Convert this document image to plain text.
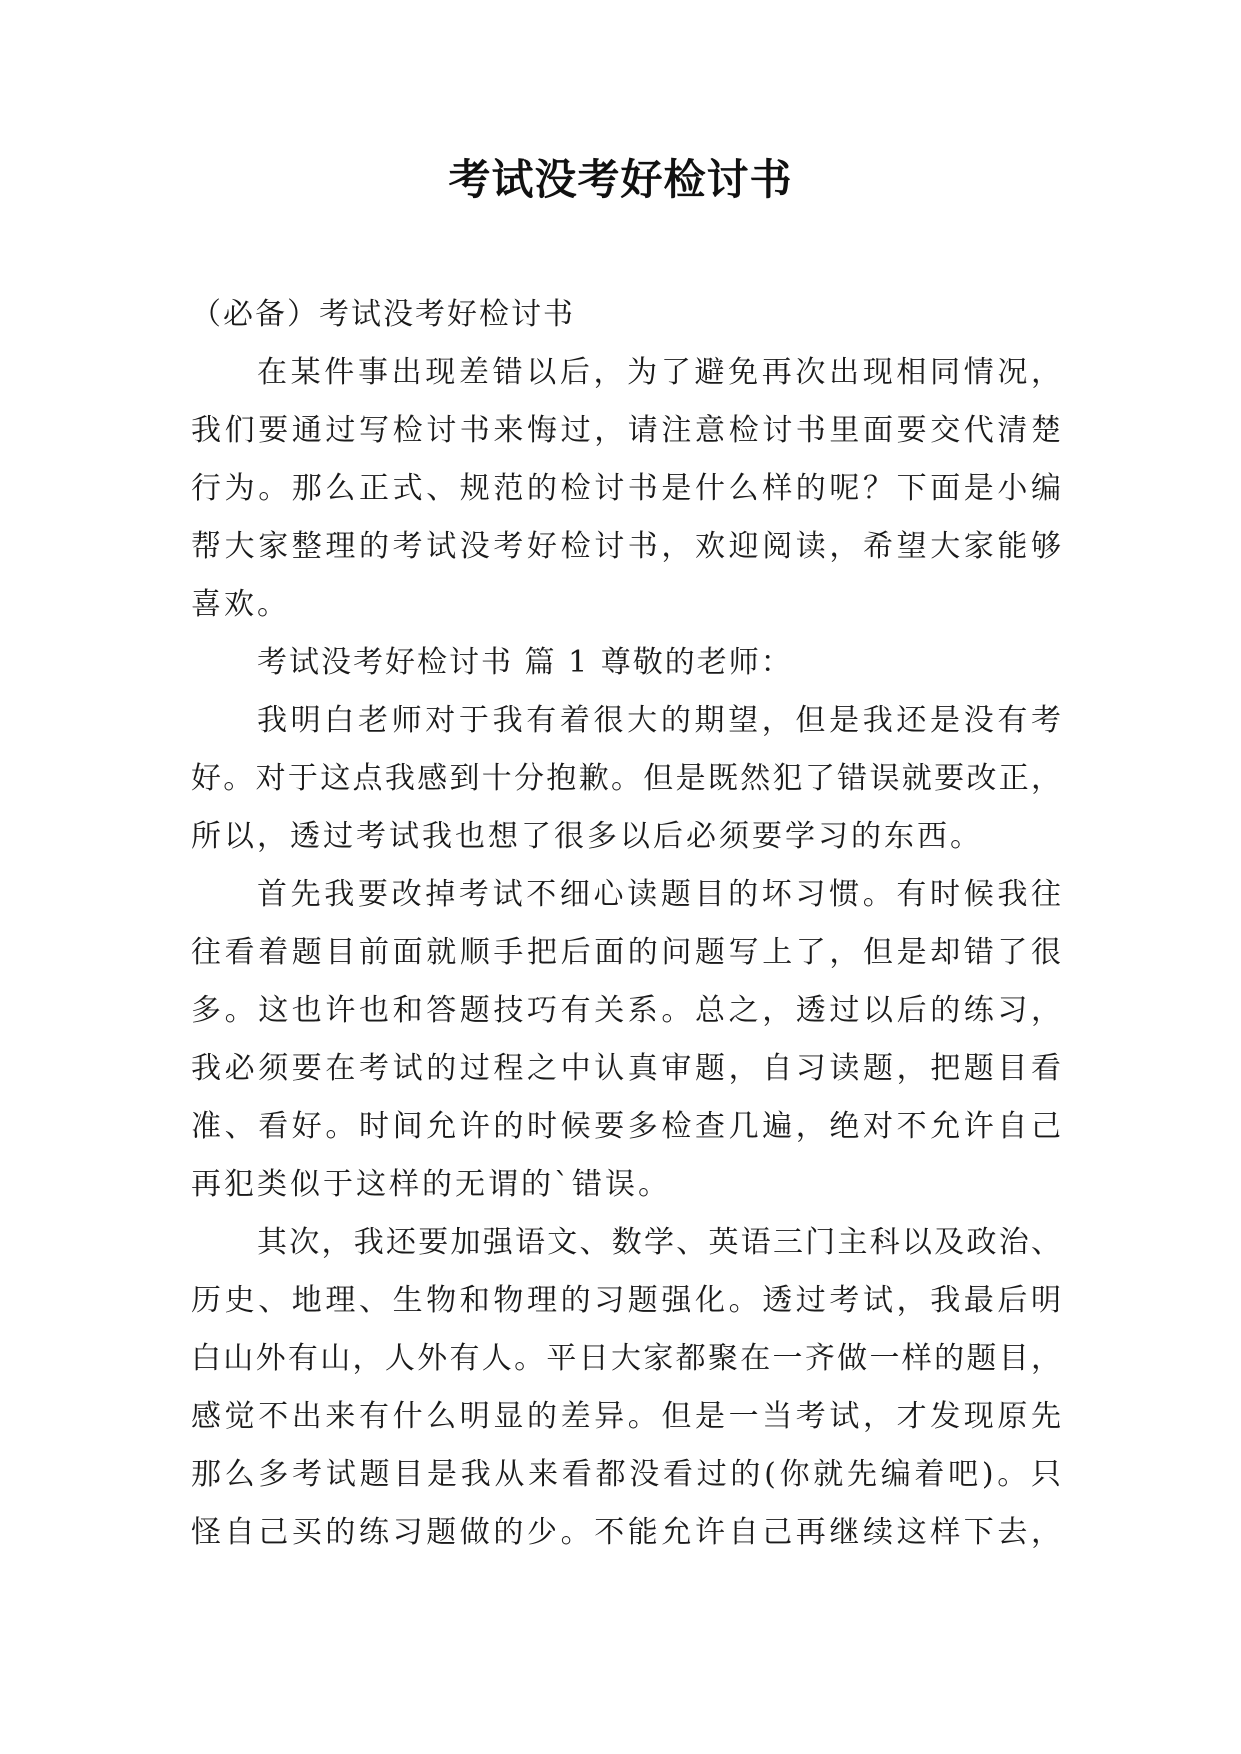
考试没考好检讨书
（必备）考试没考好检讨书
在某件事出现差错以后，为了避免再次出现相同情况，
我们要通过写检讨书来悔过，请注意检讨书里面要交代清楚
行为。那么正式、规范的检讨书是什么样的呢？下面是小编
帮大家整理的考试没考好检讨书，欢迎阅读，希望大家能够
喜欢。
考试没考好检讨书 篇 1 尊敬的老师：
我明白老师对于我有着很大的期望，但是我还是没有考
好。对于这点我感到十分抱歉。但是既然犯了错误就要改正，
所以，透过考试我也想了很多以后必须要学习的东西。
首先我要改掉考试不细心读题目的坏习惯。有时候我往
往看着题目前面就顺手把后面的问题写上了，但是却错了很
多。这也许也和答题技巧有关系。总之，透过以后的练习，
我必须要在考试的过程之中认真审题，自习读题，把题目看
准、看好。时间允许的时候要多检查几遍，绝对不允许自己
再犯类似于这样的无谓的`错误。
其次，我还要加强语文、数学、英语三门主科以及政治、
历史、地理、生物和物理的习题强化。透过考试，我最后明
白山外有山，人外有人。平日大家都聚在一齐做一样的题目，
感觉不出来有什么明显的差异。但是一当考试，才发现原先
那么多考试题目是我从来看都没看过的(你就先编着吧)。只
怪自己买的练习题做的少。不能允许自己再继续这样下去，
